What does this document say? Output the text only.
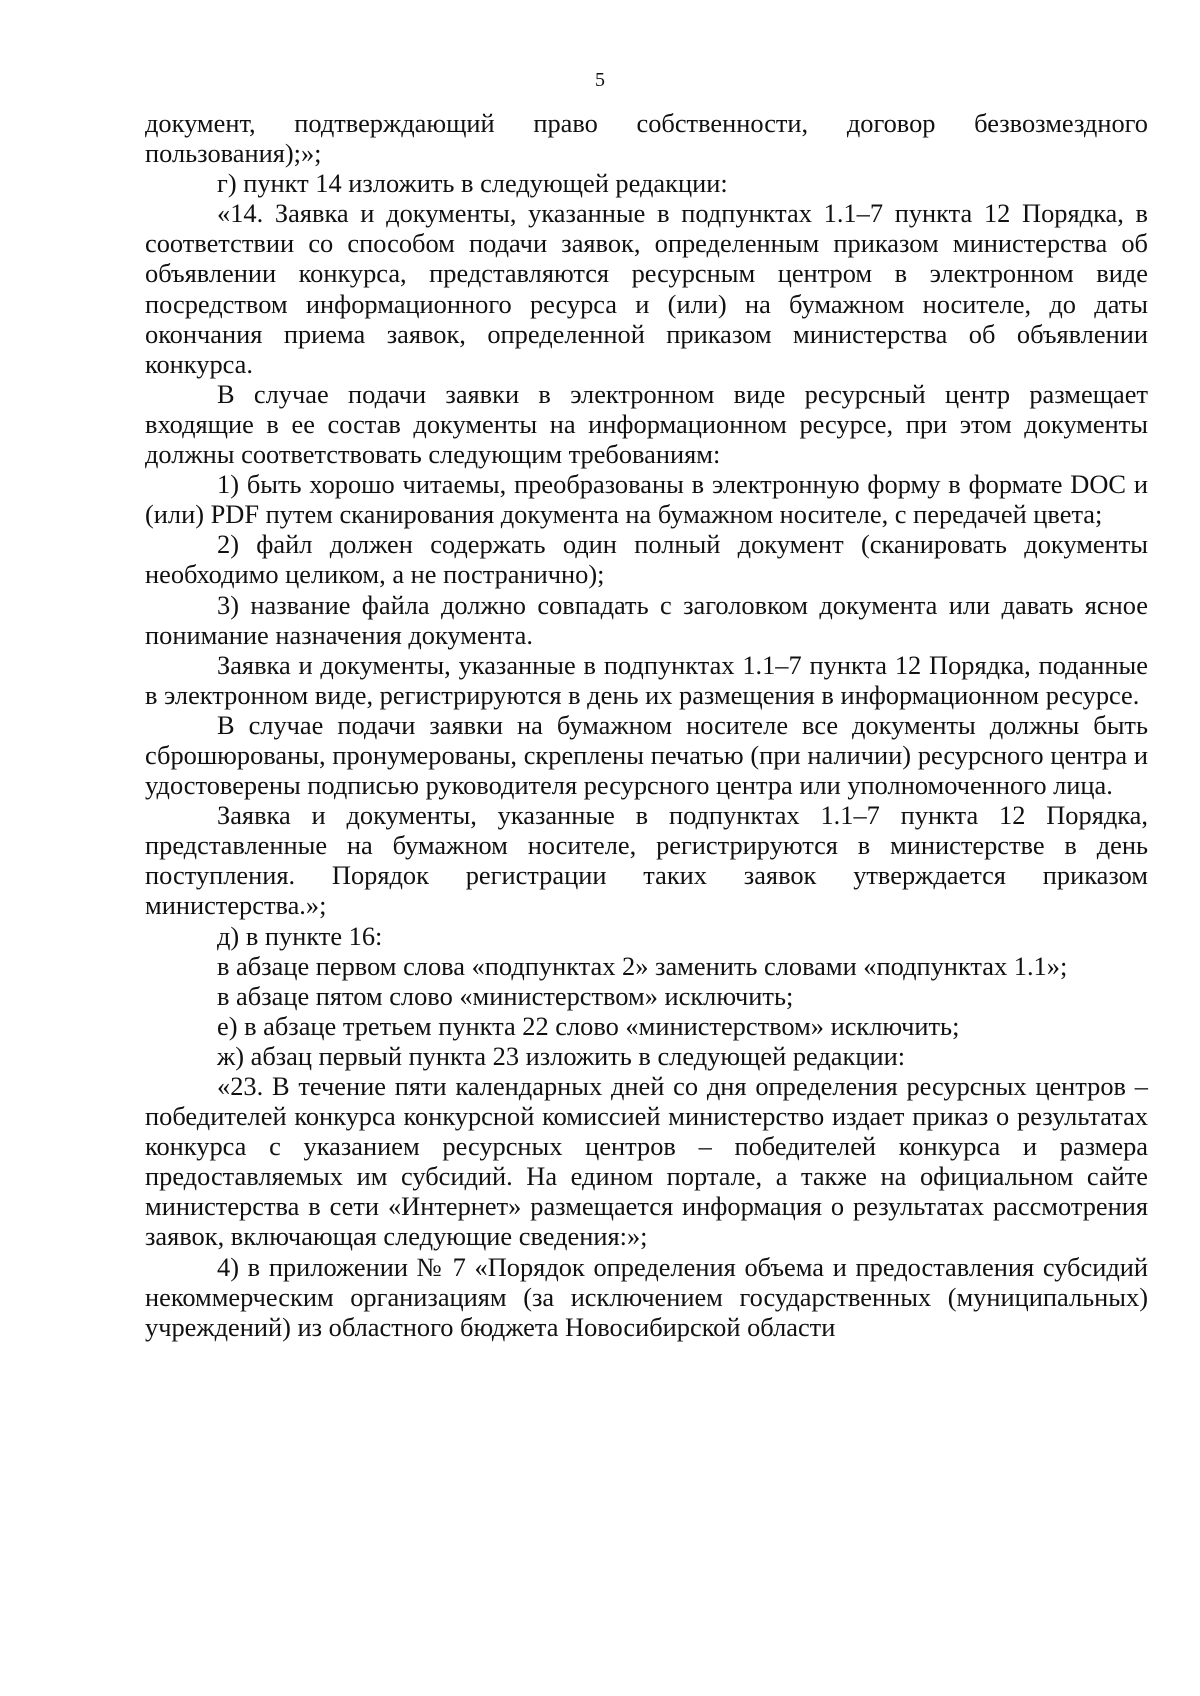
5

документ, подтверждающий право собственности, договор безвозмездного пользования);»;

г) пункт 14 изложить в следующей редакции:

«14. Заявка и документы, указанные в подпунктах 1.1–7 пункта 12 Порядка, в соответствии со способом подачи заявок, определенным приказом министерства об объявлении конкурса, представляются ресурсным центром в электронном виде посредством информационного ресурса и (или) на бумажном носителе, до даты окончания приема заявок, определенной приказом министерства об объявлении конкурса.

В случае подачи заявки в электронном виде ресурсный центр размещает входящие в ее состав документы на информационном ресурсе, при этом документы должны соответствовать следующим требованиям:

1) быть хорошо читаемы, преобразованы в электронную форму в формате DOC и (или) PDF путем сканирования документа на бумажном носителе, с передачей цвета;

2) файл должен содержать один полный документ (сканировать документы необходимо целиком, а не постранично);

3) название файла должно совпадать с заголовком документа или давать ясное понимание назначения документа.

Заявка и документы, указанные в подпунктах 1.1–7 пункта 12 Порядка, поданные в электронном виде, регистрируются в день их размещения в информационном ресурсе.

В случае подачи заявки на бумажном носителе все документы должны быть сброшюрованы, пронумерованы, скреплены печатью (при наличии) ресурсного центра и удостоверены подписью руководителя ресурсного центра или уполномоченного лица.

Заявка и документы, указанные в подпунктах 1.1–7 пункта 12 Порядка, представленные на бумажном носителе, регистрируются в министерстве в день поступления. Порядок регистрации таких заявок утверждается приказом министерства.»;

д) в пункте 16:

в абзаце первом слова «подпунктах 2» заменить словами «подпунктах 1.1»;

в абзаце пятом слово «министерством» исключить;

е) в абзаце третьем пункта 22 слово «министерством» исключить;

ж) абзац первый пункта 23 изложить в следующей редакции:

«23. В течение пяти календарных дней со дня определения ресурсных центров – победителей конкурса конкурсной комиссией министерство издает приказ о результатах конкурса с указанием ресурсных центров – победителей конкурса и размера предоставляемых им субсидий. На едином портале, а также на официальном сайте министерства в сети «Интернет» размещается информация о результатах рассмотрения заявок, включающая следующие сведения:»;

4) в приложении № 7 «Порядок определения объема и предоставления субсидий некоммерческим организациям (за исключением государственных (муниципальных) учреждений) из областного бюджета Новосибирской области
